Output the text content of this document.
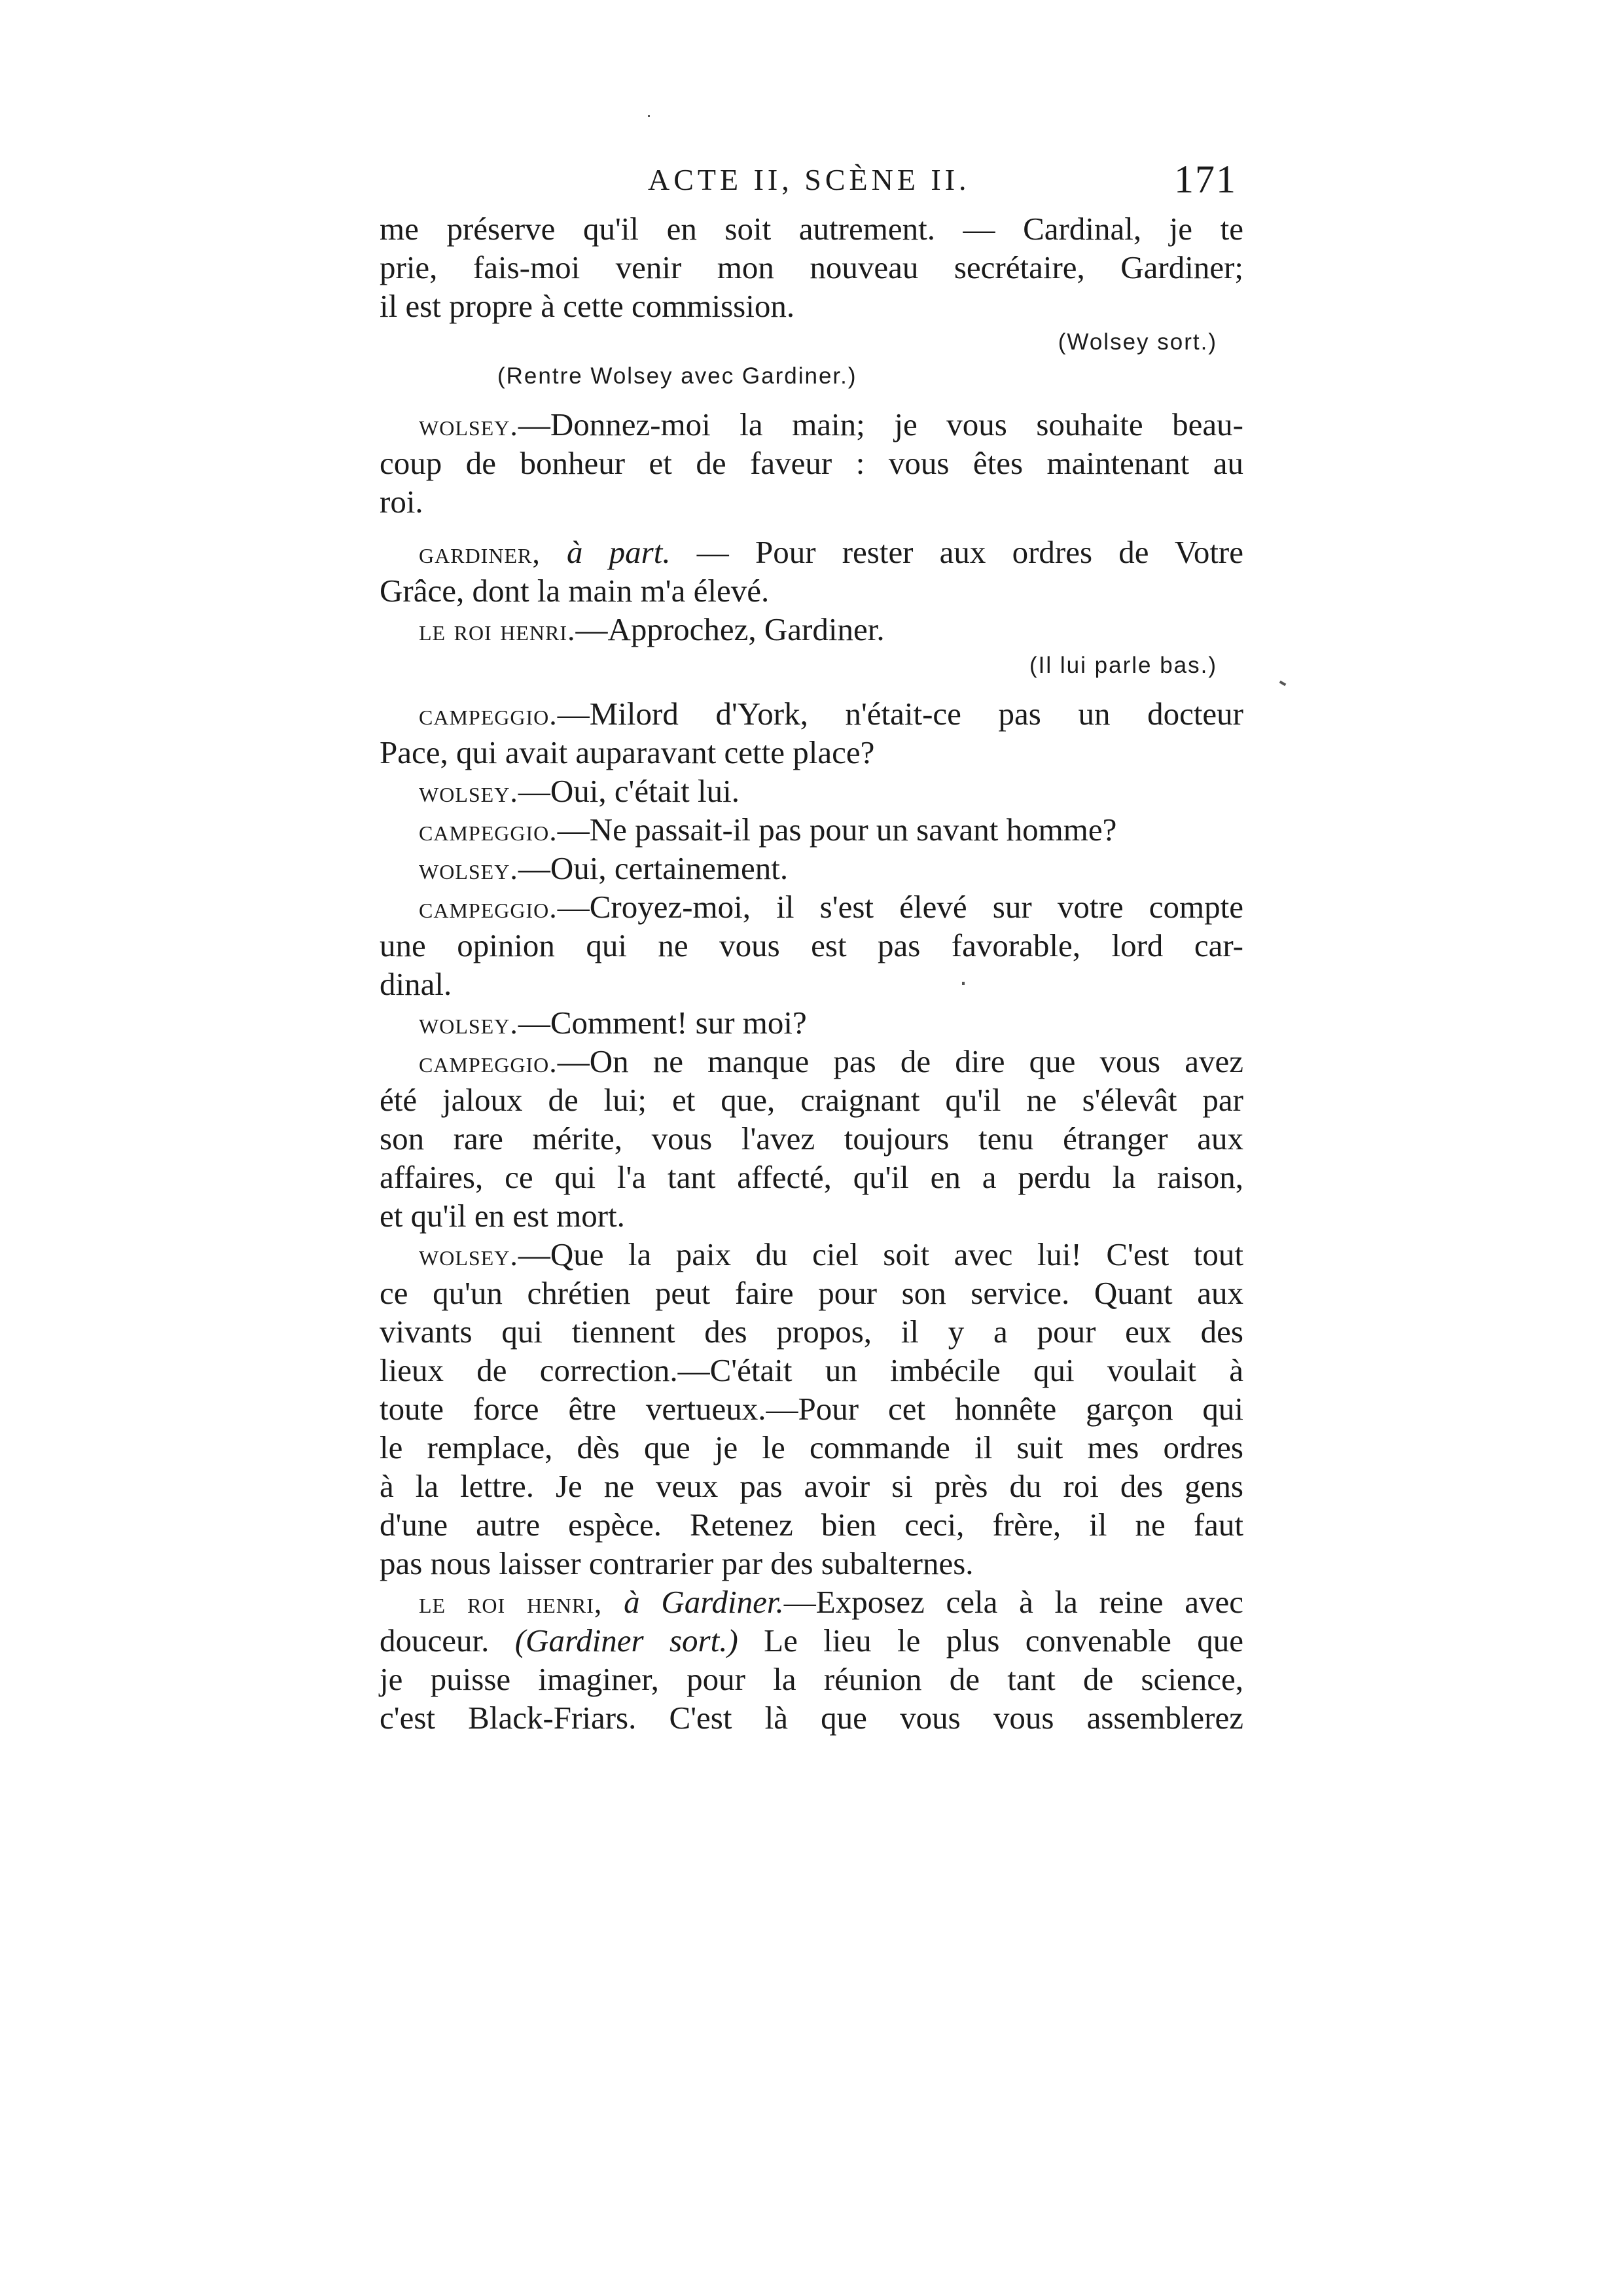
ACTE II, SCÈNE II.	171
me préserve qu'il en soit autrement. — Cardinal, je te
prie, fais-moi venir mon nouveau secrétaire, Gardiner;
il est propre à cette commission.
(Wolsey sort.)
(Rentre Wolsey avec Gardiner.)
wolsey.—Donnez-moi la main; je vous souhaite beau-
coup de bonheur et de faveur : vous êtes maintenant au
roi.
gardiner, à part. — Pour rester aux ordres de Votre
Grâce, dont la main m'a élevé.
le roi henri.—Approchez, Gardiner.
(Il lui parle bas.)
campeggio.—Milord d'York, n'était-ce pas un docteur
Pace, qui avait auparavant cette place?
wolsey.—Oui, c'était lui.
campeggio.—Ne passait-il pas pour un savant homme?
wolsey.—Oui, certainement.
campeggio.—Croyez-moi, il s'est élevé sur votre compte
une opinion qui ne vous est pas favorable, lord car-
dinal.
wolsey.—Comment! sur moi?
campeggio.—On ne manque pas de dire que vous avez
été jaloux de lui; et que, craignant qu'il ne s'élevât par
son rare mérite, vous l'avez toujours tenu étranger aux
affaires, ce qui l'a tant affecté, qu'il en a perdu la raison,
et qu'il en est mort.
wolsey.—Que la paix du ciel soit avec lui! C'est tout
ce qu'un chrétien peut faire pour son service. Quant aux
vivants qui tiennent des propos, il y a pour eux des
lieux de correction.—C'était un imbécile qui voulait à
toute force être vertueux.—Pour cet honnête garçon qui
le remplace, dès que je le commande il suit mes ordres
à la lettre. Je ne veux pas avoir si près du roi des gens
d'une autre espèce. Retenez bien ceci, frère, il ne faut
pas nous laisser contrarier par des subalternes.
le roi henri, à Gardiner.—Exposez cela à la reine avec
douceur. (Gardiner sort.) Le lieu le plus convenable que
je puisse imaginer, pour la réunion de tant de science,
c'est Black-Friars. C'est là que vous vous assemblerez
